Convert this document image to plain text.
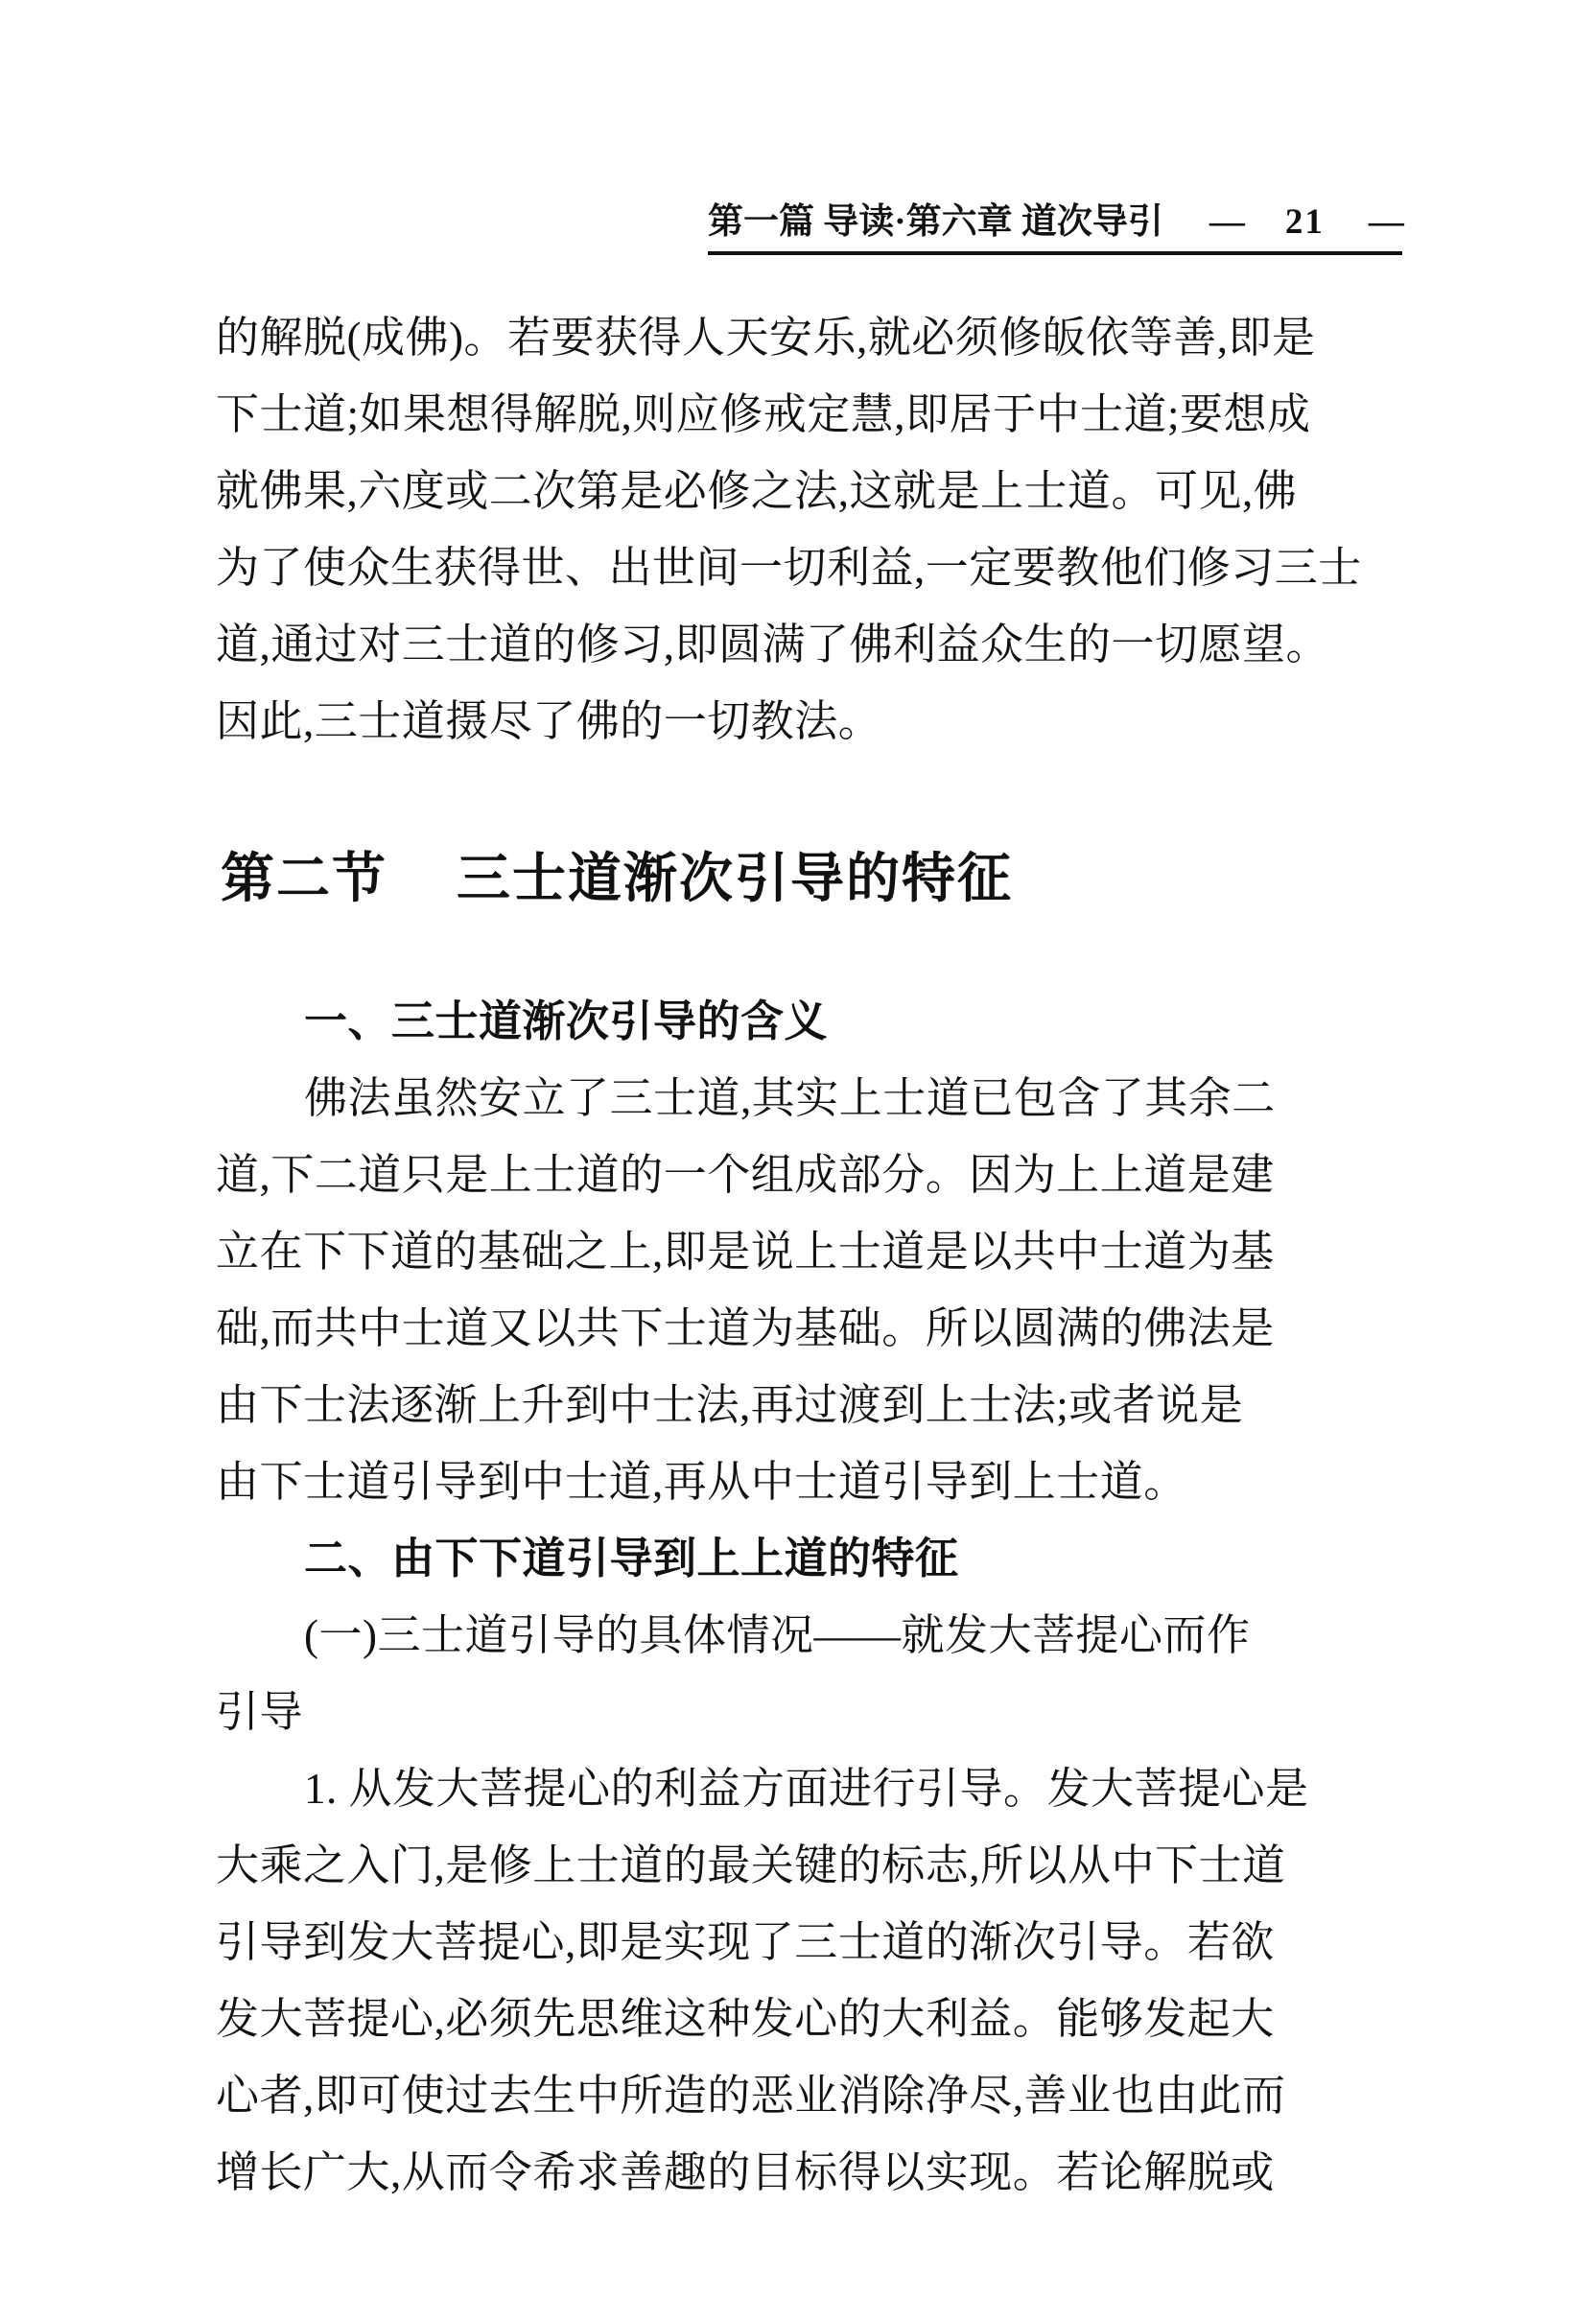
第一篇 导读·第六章 道次导引 — 21 —
的解脱(成佛)。若要获得人天安乐,就必须修皈依等善,即是
下士道;如果想得解脱,则应修戒定慧,即居于中士道;要想成
就佛果,六度或二次第是必修之法,这就是上士道。可见,佛
为了使众生获得世、出世间一切利益,一定要教他们修习三士
道,通过对三士道的修习,即圆满了佛利益众生的一切愿望。
因此,三士道摄尽了佛的一切教法。
第二节 三士道渐次引导的特征
一、三士道渐次引导的含义
佛法虽然安立了三士道,其实上士道已包含了其余二
道,下二道只是上士道的一个组成部分。因为上上道是建
立在下下道的基础之上,即是说上士道是以共中士道为基
础,而共中士道又以共下士道为基础。所以圆满的佛法是
由下士法逐渐上升到中士法,再过渡到上士法;或者说是
由下士道引导到中士道,再从中士道引导到上士道。
二、由下下道引导到上上道的特征
(一)三士道引导的具体情况——就发大菩提心而作
引导
1. 从发大菩提心的利益方面进行引导。发大菩提心是
大乘之入门,是修上士道的最关键的标志,所以从中下士道
引导到发大菩提心,即是实现了三士道的渐次引导。若欲
发大菩提心,必须先思维这种发心的大利益。能够发起大
心者,即可使过去生中所造的恶业消除净尽,善业也由此而
增长广大,从而令希求善趣的目标得以实现。若论解脱或
